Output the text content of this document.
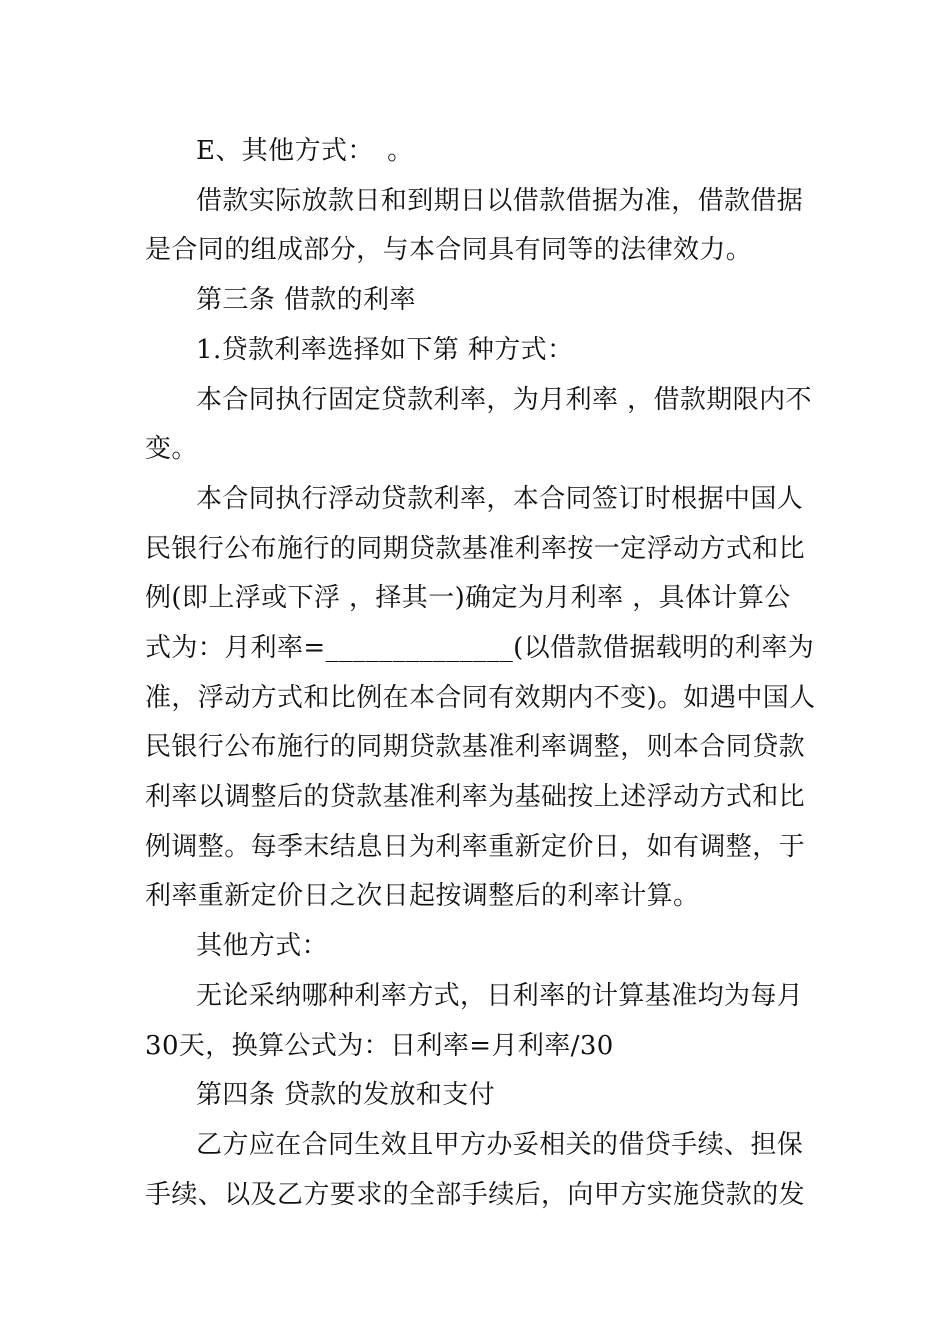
E、其他方式：　。
借款实际放款日和到期日以借款借据为准，借款借据
是合同的组成部分，与本合同具有同等的法律效力。
第三条 借款的利率
1.贷款利率选择如下第 种方式：
本合同执行固定贷款利率，为月利率 ，借款期限内不
变。
本合同执行浮动贷款利率，本合同签订时根据中国人
民银行公布施行的同期贷款基准利率按一定浮动方式和比
例(即上浮或下浮 ，择其一)确定为月利率 ，具体计算公
式为：月利率=______________(以借款借据载明的利率为
准，浮动方式和比例在本合同有效期内不变)。如遇中国人
民银行公布施行的同期贷款基准利率调整，则本合同贷款
利率以调整后的贷款基准利率为基础按上述浮动方式和比
例调整。每季末结息日为利率重新定价日，如有调整，于
利率重新定价日之次日起按调整后的利率计算。
其他方式：
无论采纳哪种利率方式，日利率的计算基准均为每月
30天，换算公式为：日利率=月利率/30
第四条 贷款的发放和支付
乙方应在合同生效且甲方办妥相关的借贷手续、担保
手续、以及乙方要求的全部手续后，向甲方实施贷款的发
